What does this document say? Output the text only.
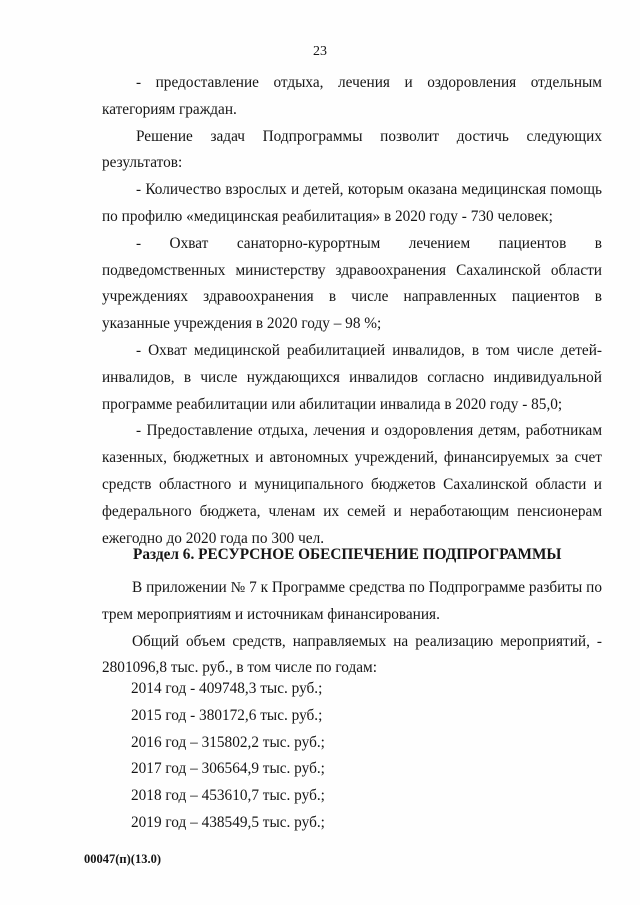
23

- предоставление отдыха, лечения и оздоровления отдельным категориям граждан.

Решение задач Подпрограммы позволит достичь следующих результатов:

- Количество взрослых и детей, которым оказана медицинская помощь по профилю «медицинская реабилитация» в 2020 году - 730 человек;

- Охват санаторно-курортным лечением пациентов в подведомственных министерству здравоохранения Сахалинской области учреждениях здравоохранения в числе направленных пациентов в указанные учреждения в 2020 году – 98 %;

- Охват медицинской реабилитацией инвалидов, в том числе детей-инвалидов, в числе нуждающихся инвалидов согласно индивидуальной программе реабилитации или абилитации инвалида в 2020 году - 85,0;

- Предоставление отдыха, лечения и оздоровления детям, работникам казенных, бюджетных и автономных учреждений, финансируемых за счет средств областного и муниципального бюджетов Сахалинской области и федерального бюджета, членам их семей и неработающим пенсионерам ежегодно до 2020 года по 300 чел.

Раздел 6. РЕСУРСНОЕ ОБЕСПЕЧЕНИЕ ПОДПРОГРАММЫ

В приложении № 7 к Программе средства по Подпрограмме разбиты по трем мероприятиям и источникам финансирования.

Общий объем средств, направляемых на реализацию мероприятий, - 2801096,8 тыс. руб., в том числе по годам:

2014 год - 409748,3 тыс. руб.;
2015 год - 380172,6 тыс. руб.;
2016 год – 315802,2 тыс. руб.;
2017 год – 306564,9 тыс. руб.;
2018 год – 453610,7 тыс. руб.;
2019 год – 438549,5 тыс. руб.;
00047(п)(13.0)
